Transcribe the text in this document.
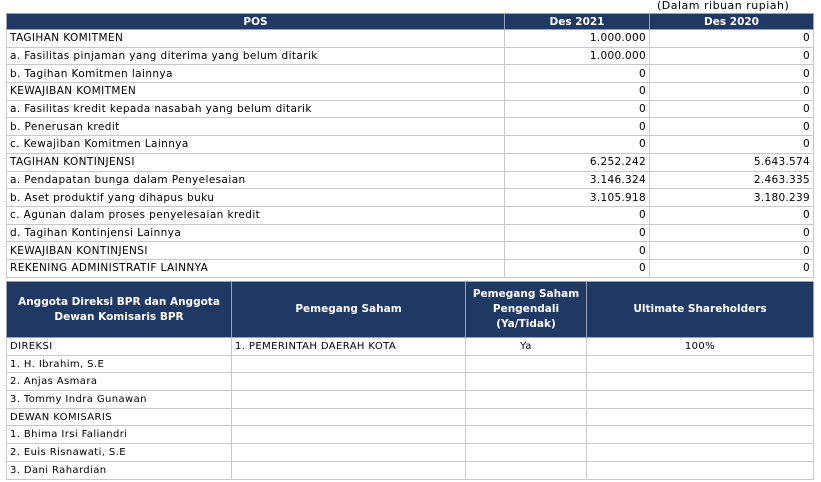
(Dalam ribuan rupiah)
POS	Des 2021	Des 2020
TAGIHAN KOMITMEN	1.000.000	0
a. Fasilitas pinjaman yang diterima yang belum ditarik	1.000.000	0
b. Tagihan Komitmen lainnya	0	0
KEWAJIBAN KOMITMEN	0	0
a. Fasilitas kredit kepada nasabah yang belum ditarik	0	0
b. Penerusan kredit	0	0
c. Kewajiban Komitmen Lainnya	0	0
TAGIHAN KONTINJENSI	6.252.242	5.643.574
a. Pendapatan bunga dalam Penyelesaian	3.146.324	2.463.335
b. Aset produktif yang dihapus buku	3.105.918	3.180.239
c. Agunan dalam proses penyelesaian kredit	0	0
d. Tagihan Kontinjensi Lainnya	0	0
KEWAJIBAN KONTINJENSI	0	0
REKENING ADMINISTRATIF LAINNYA	0	0
Anggota Direksi BPR dan Anggota Dewan Komisaris BPR	Pemegang Saham	Pemegang Saham Pengendali (Ya/Tidak)	Ultimate Shareholders
DIREKSI	1. PEMERINTAH DAERAH KOTA	Ya	100%
1. H. Ibrahim, S.E			
2. Anjas Asmara			
3. Tommy Indra Gunawan			
DEWAN KOMISARIS			
1. Bhima Irsi Faliandri			
2. Euis Risnawati, S.E			
3. Dani Rahardian			
